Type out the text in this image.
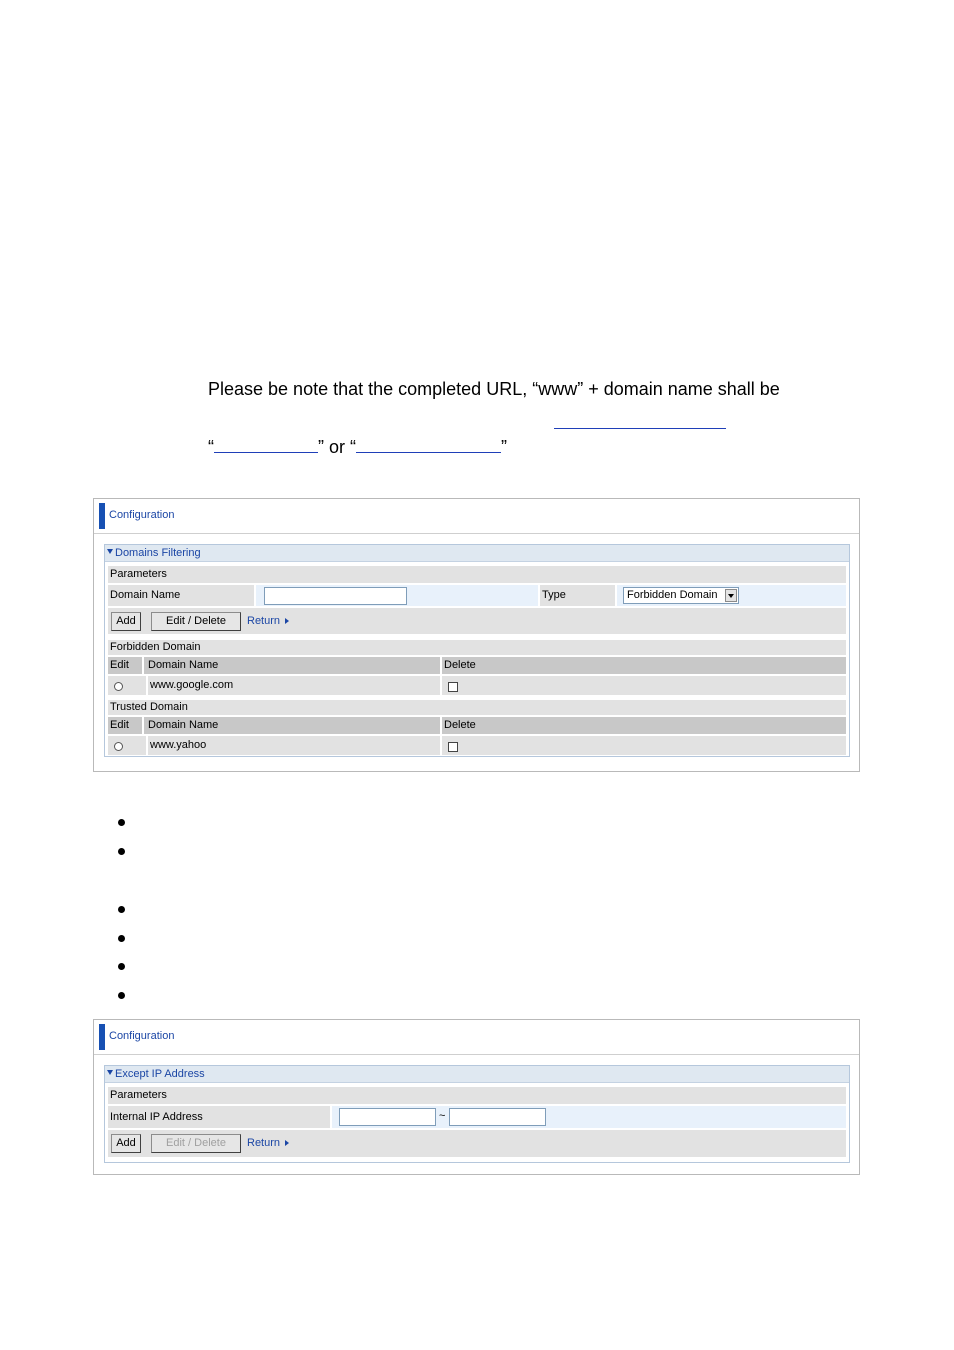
Please be note that the completed URL, “www” + domain name shall be
“	” or “	”
Configuration
Domains Filtering
Parameters
Domain Name	Type	Forbidden Domain
Add	Edit / Delete	Return
Forbidden Domain
Edit	Domain Name	Delete
www.google.com
Trusted Domain
Edit	Domain Name	Delete
www.yahoo
Configuration
Except IP Address
Parameters
Internal IP Address	~
Add	Edit / Delete	Return
